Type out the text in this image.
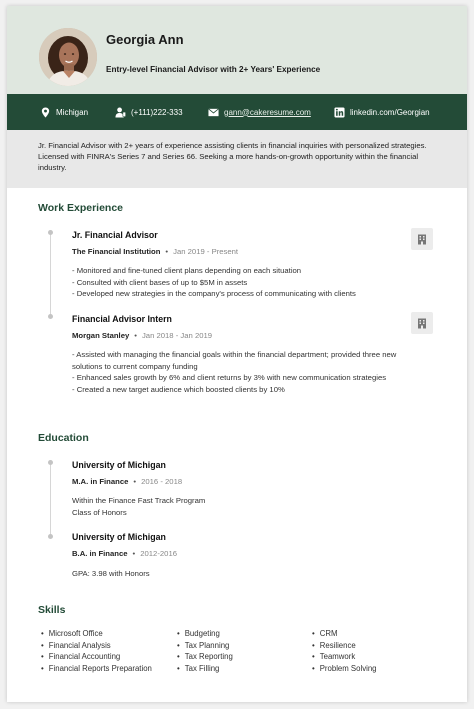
Georgia Ann
Entry-level Financial Advisor with 2+ Years' Experience
Michigan	(+111)222-333	gann@cakeresume.com	linkedin.com/Georgian
Jr. Financial Advisor with 2+ years of experience assisting clients in financial inquiries with personalized strategies. Licensed with FINRA's Series 7 and Series 66. Seeking a more hands-on-growth opportunity within the financial industry.
Work Experience
Jr. Financial Advisor
The Financial Institution • Jan 2019 - Present
- Monitored and fine-tuned client plans depending on each situation
- Consulted with client bases of up to $5M in assets
- Developed new strategies in the company's process of communicating with clients
Financial Advisor Intern
Morgan Stanley • Jan 2018 - Jan 2019
- Assisted with managing the financial goals within the financial department; provided three new solutions to current company funding
- Enhanced sales growth by 6% and client returns by 3% with new communication strategies
- Created a new target audience which boosted clients by 10%
Education
University of Michigan
M.A. in Finance • 2016 - 2018
Within the Finance Fast Track Program
Class of Honors
University of Michigan
B.A. in Finance • 2012-2016
GPA: 3.98 with Honors
Skills
• Microsoft Office
• Financial Analysis
• Financial Accounting
• Financial Reports Preparation
• Budgeting
• Tax Planning
• Tax Reporting
• Tax Filling
• CRM
• Resilience
• Teamwork
• Problem Solving
